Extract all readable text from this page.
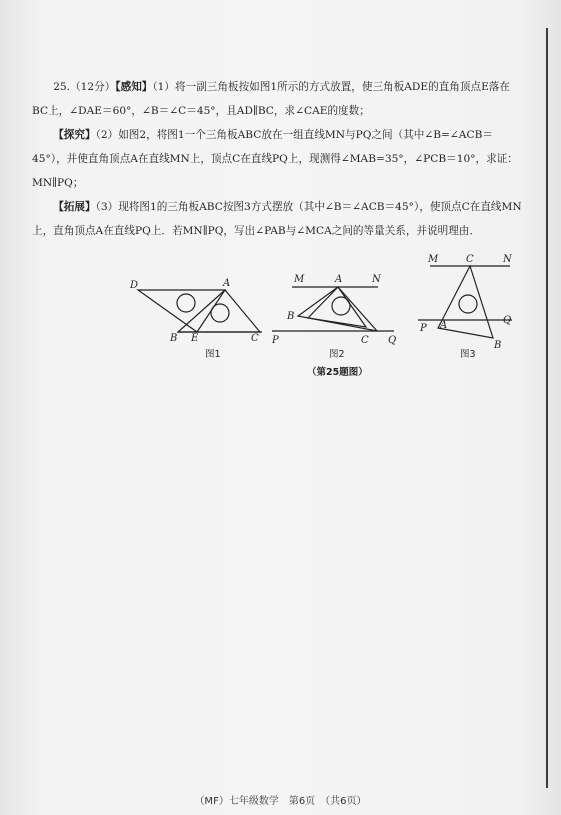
25.（12分）【感知】（1）将一副三角板按如图1所示的方式放置，使三角板ADE的直角顶点E落在BC上，∠DAE＝60°，∠B＝∠C＝45°，且AD∥BC，求∠CAE的度数；

【探究】（2）如图2，将图1一个三角板ABC放在一组直线MN与PQ之间（其中∠B=∠ACB＝45°），并使直角顶点A在直线MN上，顶点C在直线PQ上，现测得∠MAB=35°，∠PCB＝10°，求证：MN∥PQ；

【拓展】（3）现将图1的三角板ABC按图3方式摆放（其中∠B＝∠ACB＝45°），使顶点C在直线MN上，直角顶点A在直线PQ上．若MN∥PQ，写出∠PAB与∠MCA之间的等量关系，并说明理由．

D	A
B E	C
M	A	N
B
P	C Q
M	C	N
P A	Q
B
图1	图2	图3
（第25题图）
（MF）七年级数学　第6页　（共6页）
